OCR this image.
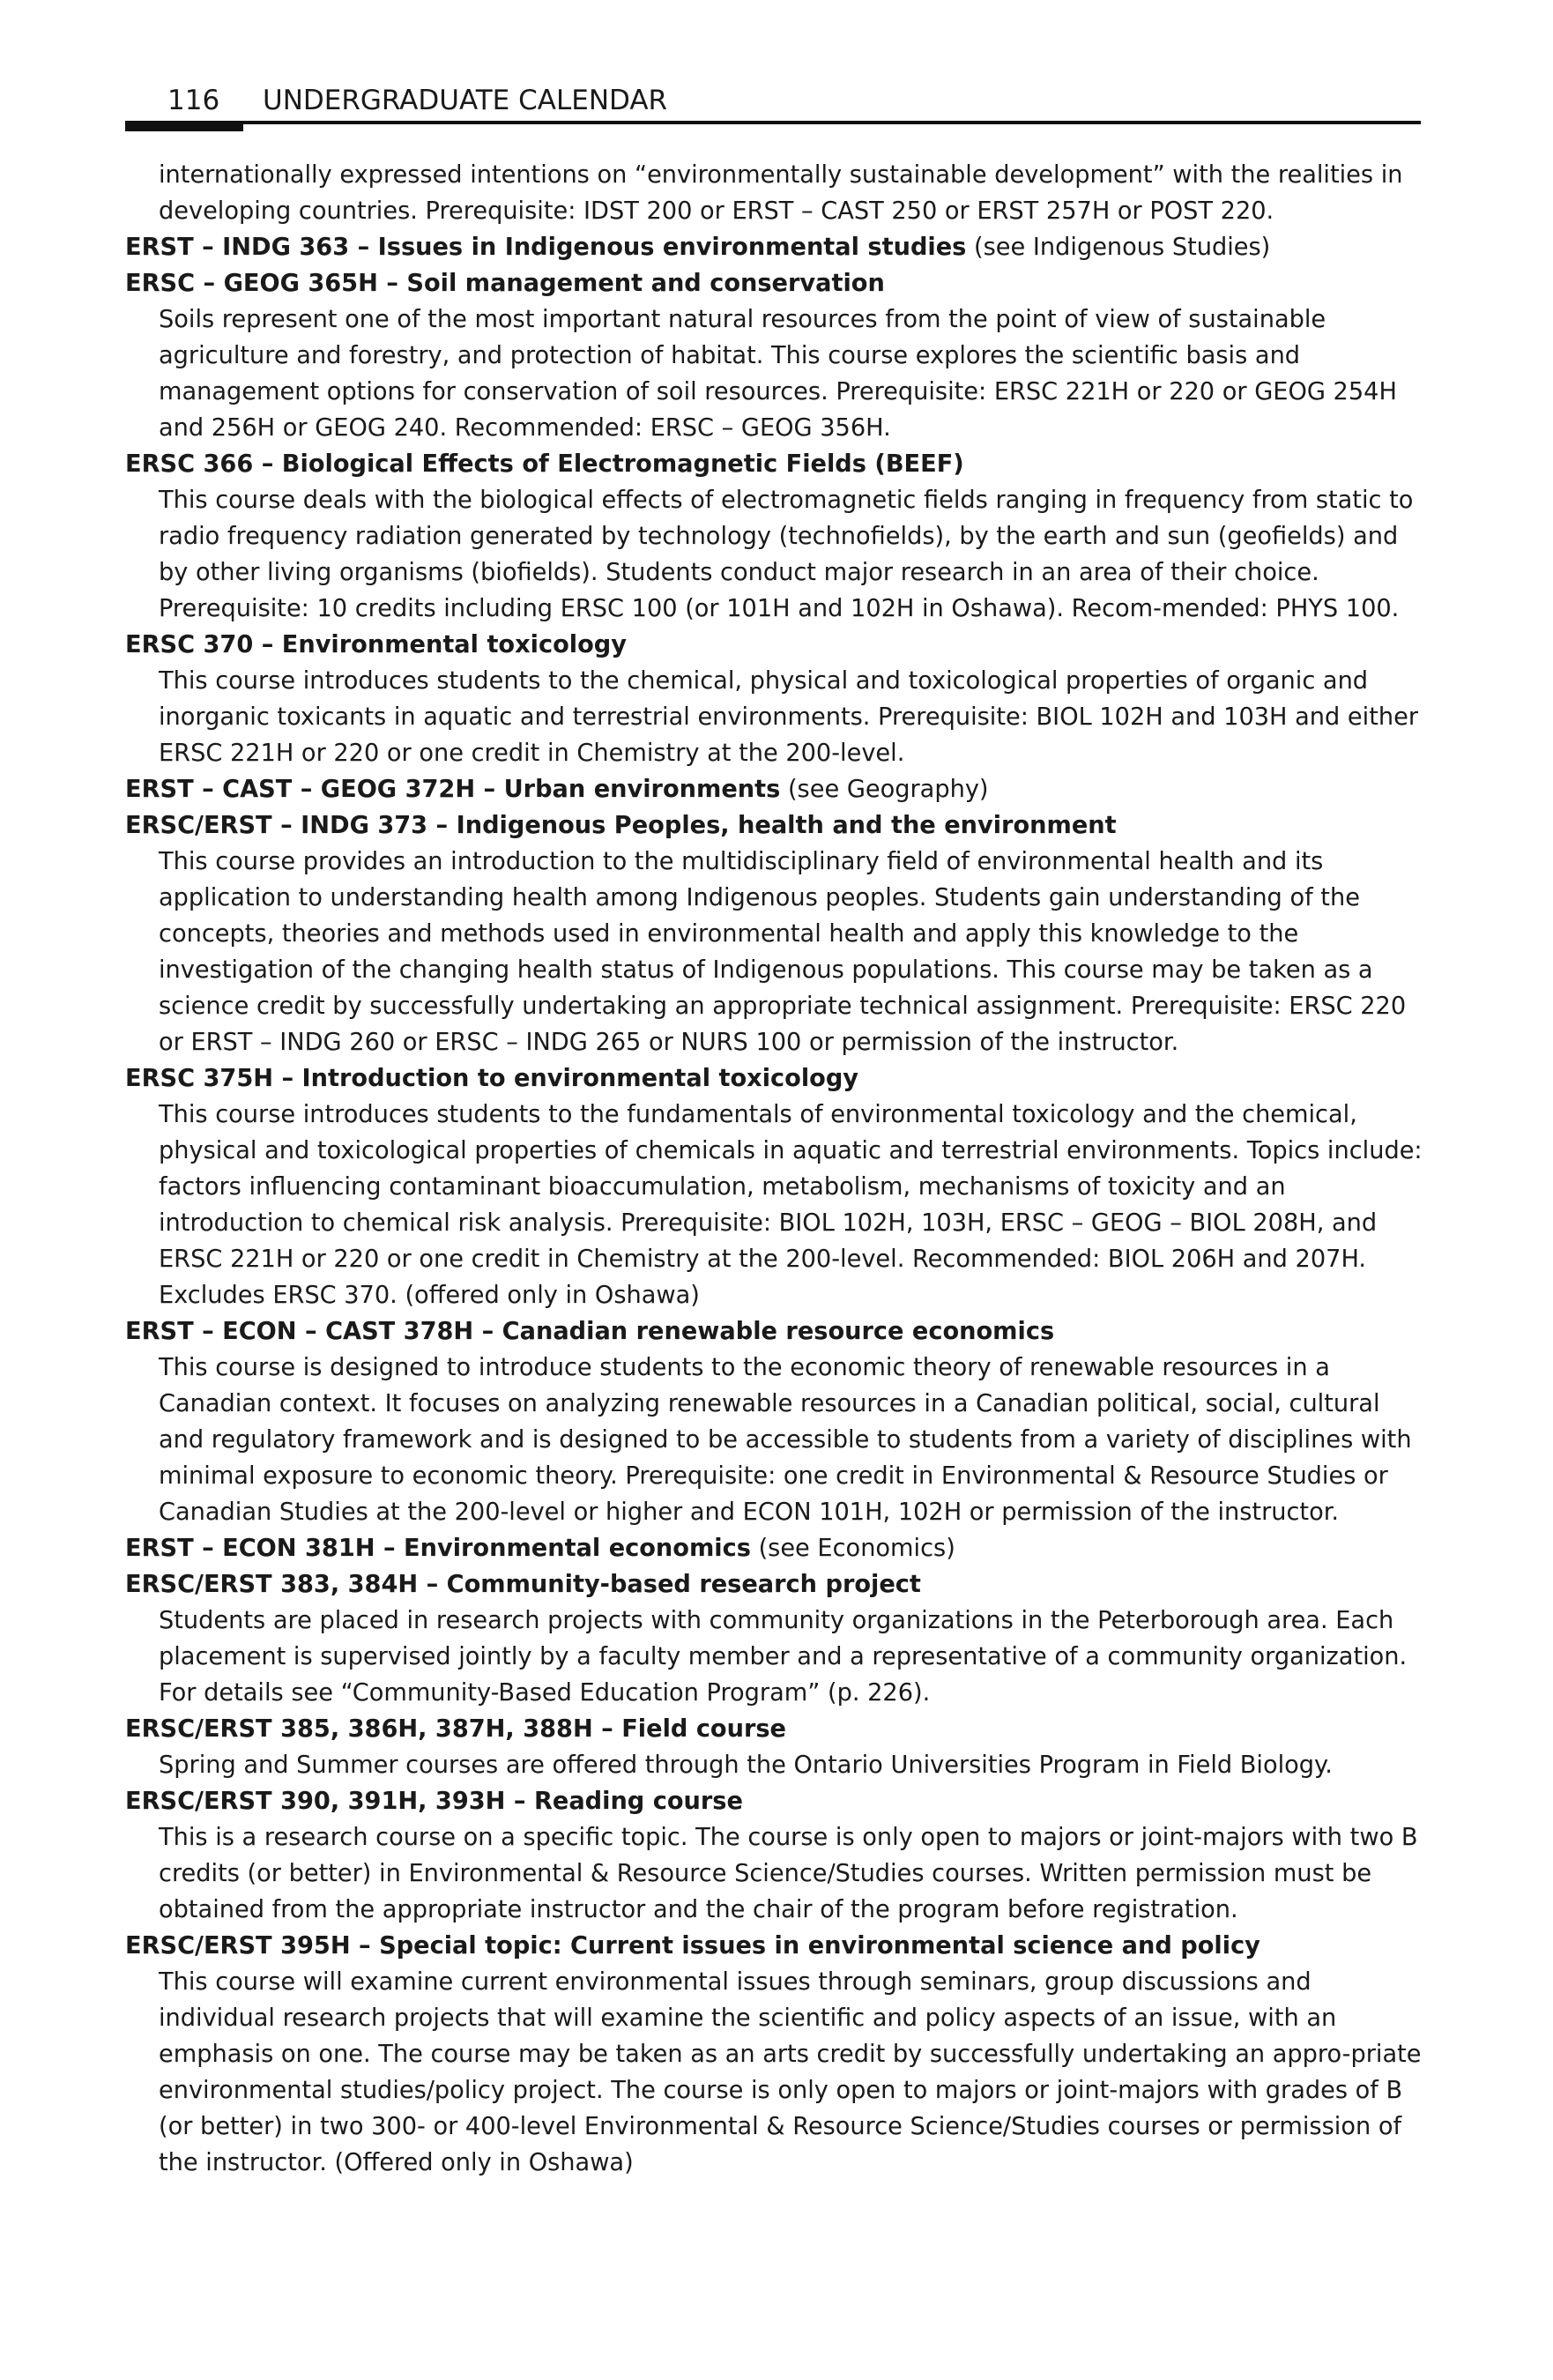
116 UNDERGRADUATE CALENDAR

internationally expressed intentions on “environmentally sustainable development” with the realities in developing countries. Prerequisite: IDST 200 or ERST – CAST 250 or ERST 257H or POST 220.

ERST – INDG 363 – Issues in Indigenous environmental studies (see Indigenous Studies)

ERSC – GEOG 365H – Soil management and conservation

Soils represent one of the most important natural resources from the point of view of sustainable agriculture and forestry, and protection of habitat. This course explores the scientific basis and management options for conservation of soil resources. Prerequisite: ERSC 221H or 220 or GEOG 254H and 256H or GEOG 240. Recommended: ERSC – GEOG 356H.

ERSC 366 – Biological Effects of Electromagnetic Fields (BEEF)

This course deals with the biological effects of electromagnetic fields ranging in frequency from static to radio frequency radiation generated by technology (technofields), by the earth and sun (geofields) and by other living organisms (biofields). Students conduct major research in an area of their choice. Prerequisite: 10 credits including ERSC 100 (or 101H and 102H in Oshawa). Recom-mended: PHYS 100.

ERSC 370 – Environmental toxicology

This course introduces students to the chemical, physical and toxicological properties of organic and inorganic toxicants in aquatic and terrestrial environments. Prerequisite: BIOL 102H and 103H and either ERSC 221H or 220 or one credit in Chemistry at the 200-level.

ERST – CAST – GEOG 372H – Urban environments (see Geography)

ERSC/ERST – INDG 373 – Indigenous Peoples, health and the environment

This course provides an introduction to the multidisciplinary field of environmental health and its application to understanding health among Indigenous peoples. Students gain understanding of the concepts, theories and methods used in environmental health and apply this knowledge to the investigation of the changing health status of Indigenous populations. This course may be taken as a science credit by successfully undertaking an appropriate technical assignment. Prerequisite: ERSC 220 or ERST – INDG 260 or ERSC – INDG 265 or NURS 100 or permission of the instructor.

ERSC 375H – Introduction to environmental toxicology

This course introduces students to the fundamentals of environmental toxicology and the chemical, physical and toxicological properties of chemicals in aquatic and terrestrial environments. Topics include: factors influencing contaminant bioaccumulation, metabolism, mechanisms of toxicity and an introduction to chemical risk analysis. Prerequisite: BIOL 102H, 103H, ERSC – GEOG – BIOL 208H, and ERSC 221H or 220 or one credit in Chemistry at the 200-level. Recommended: BIOL 206H and 207H. Excludes ERSC 370. (offered only in Oshawa)

ERST – ECON – CAST 378H – Canadian renewable resource economics

This course is designed to introduce students to the economic theory of renewable resources in a Canadian context. It focuses on analyzing renewable resources in a Canadian political, social, cultural and regulatory framework and is designed to be accessible to students from a variety of disciplines with minimal exposure to economic theory. Prerequisite: one credit in Environmental & Resource Studies or Canadian Studies at the 200-level or higher and ECON 101H, 102H or permission of the instructor.

ERST – ECON 381H – Environmental economics (see Economics)

ERSC/ERST 383, 384H – Community-based research project

Students are placed in research projects with community organizations in the Peterborough area. Each placement is supervised jointly by a faculty member and a representative of a community organization. For details see “Community-Based Education Program” (p. 226).

ERSC/ERST 385, 386H, 387H, 388H – Field course

Spring and Summer courses are offered through the Ontario Universities Program in Field Biology.

ERSC/ERST 390, 391H, 393H – Reading course

This is a research course on a specific topic. The course is only open to majors or joint-majors with two B credits (or better) in Environmental & Resource Science/Studies courses. Written permission must be obtained from the appropriate instructor and the chair of the program before registration.

ERSC/ERST 395H – Special topic: Current issues in environmental science and policy

This course will examine current environmental issues through seminars, group discussions and individual research projects that will examine the scientific and policy aspects of an issue, with an emphasis on one. The course may be taken as an arts credit by successfully undertaking an appro-priate environmental studies/policy project. The course is only open to majors or joint-majors with grades of B (or better) in two 300- or 400-level Environmental & Resource Science/Studies courses or permission of the instructor. (Offered only in Oshawa)
